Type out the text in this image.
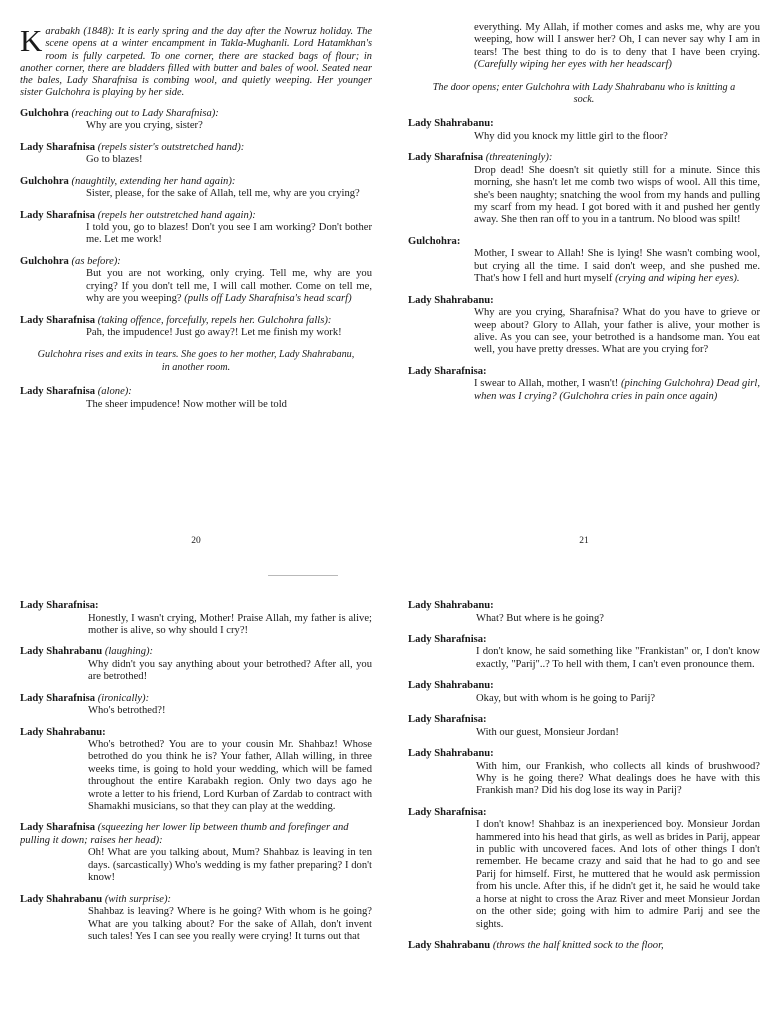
Karabakh (1848): It is early spring and the day after the Nowruz holiday. The scene opens at a winter encampment in Takla-Mughanli. Lord Hatamkhan's room is fully carpeted. To one corner, there are stacked bags of flour; in another corner, there are bladders filled with butter and bales of wool. Seated near the bales, Lady Sharafnisa is combing wool, and quietly weeping. Her younger sister Gulchohra is playing by her side.
Gulchohra (reaching out to Lady Sharafnisa):
Why are you crying, sister?
Lady Sharafnisa (repels sister's outstretched hand):
Go to blazes!
Gulchohra (naughtily, extending her hand again):
Sister, please, for the sake of Allah, tell me, why are you crying?
Lady Sharafnisa (repels her outstretched hand again):
I told you, go to blazes! Don't you see I am working? Don't bother me. Let me work!
Gulchohra (as before):
But you are not working, only crying. Tell me, why are you crying? If you don't tell me, I will call mother. Come on tell me, why are you weeping? (pulls off Lady Sharafnisa's head scarf)
Lady Sharafnisa (taking offence, forcefully, repels her. Gulchohra falls):
Pah, the impudence! Just go away?! Let me finish my work!
Gulchohra rises and exits in tears. She goes to her mother, Lady Shahrabanu, in another room.
Lady Sharafnisa (alone):
The sheer impudence! Now mother will be told
20
everything. My Allah, if mother comes and asks me, why are you weeping, how will I answer her? Oh, I can never say why I am in tears! The best thing to do is to deny that I have been crying. (Carefully wiping her eyes with her headscarf)
The door opens; enter Gulchohra with Lady Shahrabanu who is knitting a sock.
Lady Shahrabanu:
Why did you knock my little girl to the floor?
Lady Sharafnisa (threateningly):
Drop dead! She doesn't sit quietly still for a minute. Since this morning, she hasn't let me comb two wisps of wool. All this time, she's been naughty; snatching the wool from my hands and pulling my scarf from my head. I got bored with it and pushed her gently away. She then ran off to you in a tantrum. No blood was spilt!
Gulchohra:
Mother, I swear to Allah! She is lying! She wasn't combing wool, but crying all the time. I said don't weep, and she pushed me. That's how I fell and hurt myself (crying and wiping her eyes).
Lady Shahrabanu:
Why are you crying, Sharafnisa? What do you have to grieve or weep about? Glory to Allah, your father is alive, your mother is alive. As you can see, your betrothed is a handsome man. You eat well, you have pretty dresses. What are you crying for?
Lady Sharafnisa:
I swear to Allah, mother, I wasn't! (pinching Gulchohra) Dead girl, when was I crying? (Gulchohra cries in pain once again)
21
Lady Sharafnisa:
Honestly, I wasn't crying, Mother! Praise Allah, my father is alive; mother is alive, so why should I cry?!
Lady Shahrabanu (laughing):
Why didn't you say anything about your betrothed? After all, you are betrothed!
Lady Sharafnisa (ironically):
Who's betrothed?!
Lady Shahrabanu:
Who's betrothed? You are to your cousin Mr. Shahbaz! Whose betrothed do you think he is? Your father, Allah willing, in three weeks time, is going to hold your wedding, which will be famed throughout the entire Karabakh region. Only two days ago he wrote a letter to his friend, Lord Kurban of Zardab to contract with Shamakhi musicians, so that they can play at the wedding.
Lady Sharafnisa (squeezing her lower lip between thumb and forefinger and pulling it down; raises her head):
Oh! What are you talking about, Mum? Shahbaz is leaving in ten days. (sarcastically) Who's wedding is my father preparing? I don't know!
Lady Shahrabanu (with surprise):
Shahbaz is leaving? Where is he going? With whom is he going? What are you talking about? For the sake of Allah, don't invent such tales! Yes I can see you really were crying! It turns out that
Lady Shahrabanu:
What? But where is he going?
Lady Sharafnisa:
I don't know, he said something like "Frankistan" or, I don't know exactly, "Parij"..? To hell with them, I can't even pronounce them.
Lady Shahrabanu:
Okay, but with whom is he going to Parij?
Lady Sharafnisa:
With our guest, Monsieur Jordan!
Lady Shahrabanu:
With him, our Frankish, who collects all kinds of brushwood? Why is he going there? What dealings does he have with this Frankish man? Did his dog lose its way in Parij?
Lady Sharafnisa:
I don't know! Shahbaz is an inexperienced boy. Monsieur Jordan hammered into his head that girls, as well as brides in Parij, appear in public with uncovered faces. And lots of other things I don't remember. He became crazy and said that he had to go and see Parij for himself. First, he muttered that he would ask permission from his uncle. After this, if he didn't get it, he said he would take a horse at night to cross the Araz River and meet Monsieur Jordan on the other side; going with him to admire Parij and see the sights.
Lady Shahrabanu (throws the half knitted sock to the floor,
